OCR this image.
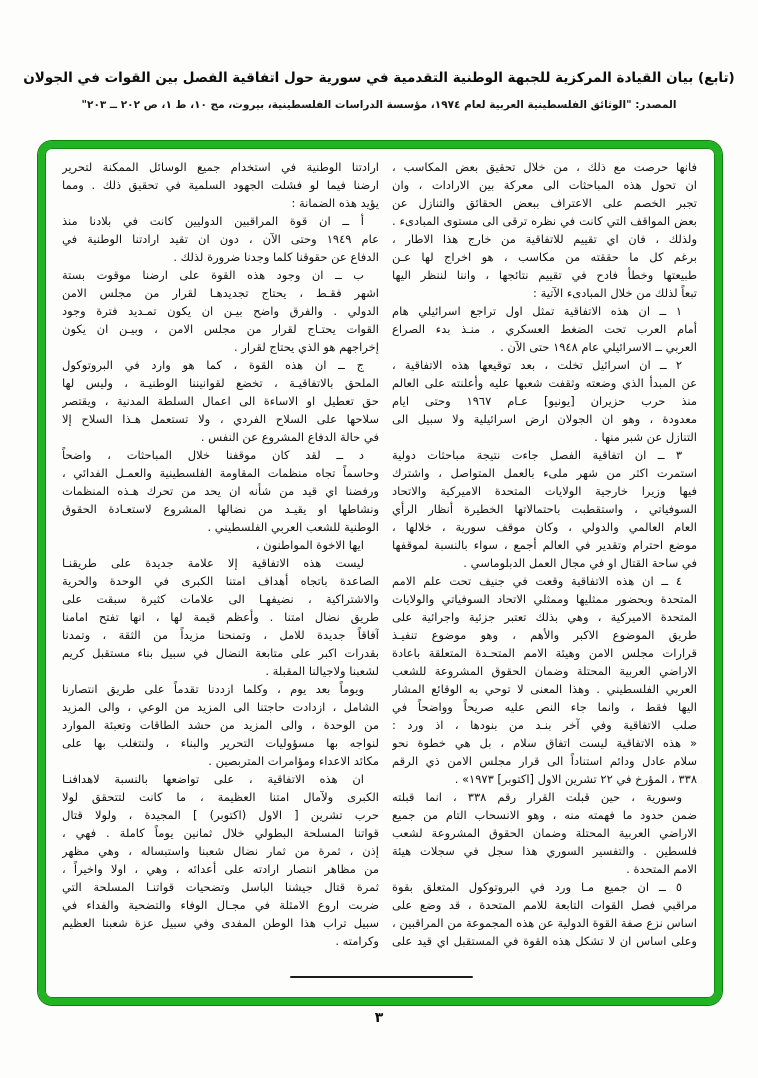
(تابع) بيان القيادة المركزية للجبهة الوطنية التقدمية في سورية حول اتفاقية الفصل بين القوات في الجولان
المصدر: "الوثائق الفلسطينية العربية لعام ١٩٧٤، مؤسسة الدراسات الفلسطينية، بيروت، مج ١٠، ط ١، ص ٢٠٢ ــ ٢٠٣"
فانها حرصت مع ذلك ، من خلال تحقيق بعض المكاسب ،
ان تحول هذه المباحثات الى معركة بين الارادات ، وان
تجبر الخصم على الاعتراف ببعض الحقائق والتنازل عن
بعض المواقف التي كانت في نظره ترقى الى مستوى المبادىء .
ولذلك ، فان اي تقييم للاتفاقية من خارج هذا الاطار ،
برغم كل ما حققته من مكاسب ، هو اخراج لها عـن
طبيعتها وخطأ فادح في تقييم نتائجها ، واننا لننظر اليها
تبعاً لذلك من خلال المبادىء الآتية :
١ ــ ان هذه الاتفاقية تمثل اول تراجع اسرائيلي هام
أمام العرب تحت الضغط العسكري ، منـذ بدء الصراع
العربي ــ الاسرائيلي عام ١٩٤٨ حتى الآن .
٢ ــ ان اسرائيل تخلت ، بعد توقيعها هذه الاتفاقية ،
عن المبدأ الذي وضعته وثقفت شعبها عليه وأعلنته على العالم
منذ حرب حزيران [يونيو] عـام ١٩٦٧ وحتى ايام
معدودة ، وهو ان الجولان ارض اسرائيلية ولا سبيل الى
التنازل عن شبر منها .
٣ ــ ان اتفاقية الفصل جاءت نتيجة مباحثات دولية
استمرت اكثر من شهر ملىء بالعمل المتواصل ، واشترك
فيها وزيرا خارجية الولايات المتحدة الاميركية والاتحاد
السوفياتي ، واستقطبت باحتمالاتها الخطيرة أنظار الرأي
العام العالمي والدولي ، وكان موقف سورية ، خلالها ،
موضع احترام وتقدير في العالم أجمع ، سواء بالنسبة لموقفها
في ساحة القتال او في مجال العمل الدبلوماسي .
٤ ــ ان هذه الاتفاقية وقعت في جنيف تحت علم الامم
المتحدة وبحضور ممثليها وممثلي الاتحاد السوفياتي والولايات
المتحدة الاميركية ، وهي بذلك تعتبر جزئية واجرائية على
طريق الموضوع الاكبر والأهم ، وهو موضوع تنفيـذ
قرارات مجلس الامن وهيئة الامم المتحـدة المتعلقة باعادة
الاراضي العربية المحتلة وضمان الحقوق المشروعة للشعب
العربي الفلسطيني . وهذا المعنى لا توحي به الوقائع المشار
اليها فقط ، وانما جاء النص عليه صريحاً وواضحاً في
صلب الاتفاقية وفي آخر بنـد من بنودها ، اذ ورد :
« هذه الاتفاقية ليست اتفاق سلام ، بل هي خطوة نحو
سلام عادل ودائم استناداً الى قرار مجلس الامن ذي الرقم
٣٣٨ ، المؤرخ في ٢٢ تشرين الاول [اكتوبر] ١٩٧٣» .
وسورية ، حين قبلت القرار رقم ٣٣٨ ، انما قبلته
ضمن حدود ما فهمته منه ، وهو الانسحاب التام من جميع
الاراضي العربية المحتلة وضمان الحقوق المشروعة لشعب
فلسطين . والتفسير السوري هذا سجل في سجلات هيئة
الامم المتحدة .
٥ ــ ان جميع مـا ورد في البروتوكول المتعلق بقوة
مراقبي فصل القوات التابعة للامم المتحدة ، قد وضع على
اساس نزع صفة القوة الدولية عن هذه المجموعة من المراقبين ،
وعلى اساس ان لا تشكل هذه القوة في المستقبل اي قيد على
ارادتنا الوطنية في استخدام جميع الوسائل الممكنة لتحرير
ارضنا فيما لو فشلت الجهود السلمية في تحقيق ذلك . ومما
يؤيد هذه الضمانة :
أ ــ ان قوة المراقبين الدوليين كانت في بلادنا منذ
عام ١٩٤٩ وحتى الآن ، دون ان تقيد ارادتنا الوطنية في
الدفاع عن حقوقنا كلما وجدنا ضرورة لذلك .
ب ــ ان وجود هذه القوة على ارضنا موقوت بستة
اشهر فقـط ، يحتاج تجديدهـا لقرار من مجلس الامن
الدولي . والفرق واضح بيـن ان يكون تمـديد فترة وجود
القوات يحتـاج لقرار من مجلس الامن ، وبيـن ان يكون
إخراجهم هو الذي يحتاج لقرار .
ج ــ ان هذه القوة ، كما هو وارد في البروتوكول
الملحق بالاتفاقيـة ، تخضع لقوانيننا الوطنيـة ، وليس لها
حق تعطيل او الاساءة الى اعمال السلطة المدنية ، ويقتصر
سلاحها على السلاح الفردي ، ولا تستعمل هـذا السلاح إلا
في حالة الدفاع المشروع عن النفس .
د ــ لقد كان موقفنا خلال المباحثات ، واضحاً
وحاسماً تجاه منظمات المقاومة الفلسطينية والعمـل الفدائي ،
ورفضنا اي قيد من شأنه ان يحد من تحرك هـذه المنظمات
ونشاطها او يقيـد من نضالها المشروع لاستعـادة الحقوق
الوطنية للشعب العربي الفلسطيني .
ايها الاخوة المواطنون ،
ليست هذه الاتفاقية إلا علامة جديدة على طريقنـا
الصاعدة باتجاه أهداف امتنا الكبرى في الوحدة والحرية
والاشتراكية ، نضيفهـا الى علامات كثيرة سبقت على
طريق نضال امتنا . وأعظم قيمة لها ، انها تفتح امامنا
آفاقاً جديدة للامل ، وتمنحنا مزيداً من الثقة ، وتمدنا
بقدرات اكبر على متابعة النضال في سبيل بناء مستقبل كريم
لشعبنا ولاجيالنا المقبلة .
ويوماً بعد يوم ، وكلما ازددنا تقدماً على طريق انتصارنا
الشامل ، ازدادت حاجتنا الى المزيد من الوعي ، والى المزيد
من الوحدة ، والى المزيد من حشد الطاقات وتعبئة الموارد
لنواجه بها مسؤوليات التحرير والبناء ، ولنتغلب بها على
مكائد الاعداء ومؤامرات المتربصين .
ان هذه الاتفاقية ، على تواضعها بالنسبة لاهدافنـا
الكبرى ولآمال امتنا العظيمة ، ما كانت لتتحقق لولا
حرب تشرين [ الاول (اكتوبر) ] المجيدة ، ولولا قتال
قواتنا المسلحة البطولي خلال ثمانين يوماً كاملة . فهي ،
إذن ، ثمرة من ثمار نضال شعبنا واستبساله ، وهي مظهر
من مظاهر انتصار ارادته على أعدائه ، وهي ، اولا واخيراً ،
ثمرة قتال جيشنا الباسل وتضحيات قواتنـا المسلحة التي
ضربت اروع الامثلة في مجـال الوفاء والتضحية والفداء في
سبيل تراب هذا الوطن المفدى وفي سبيل عزة شعبنا العظيم
وكرامته .
٣
